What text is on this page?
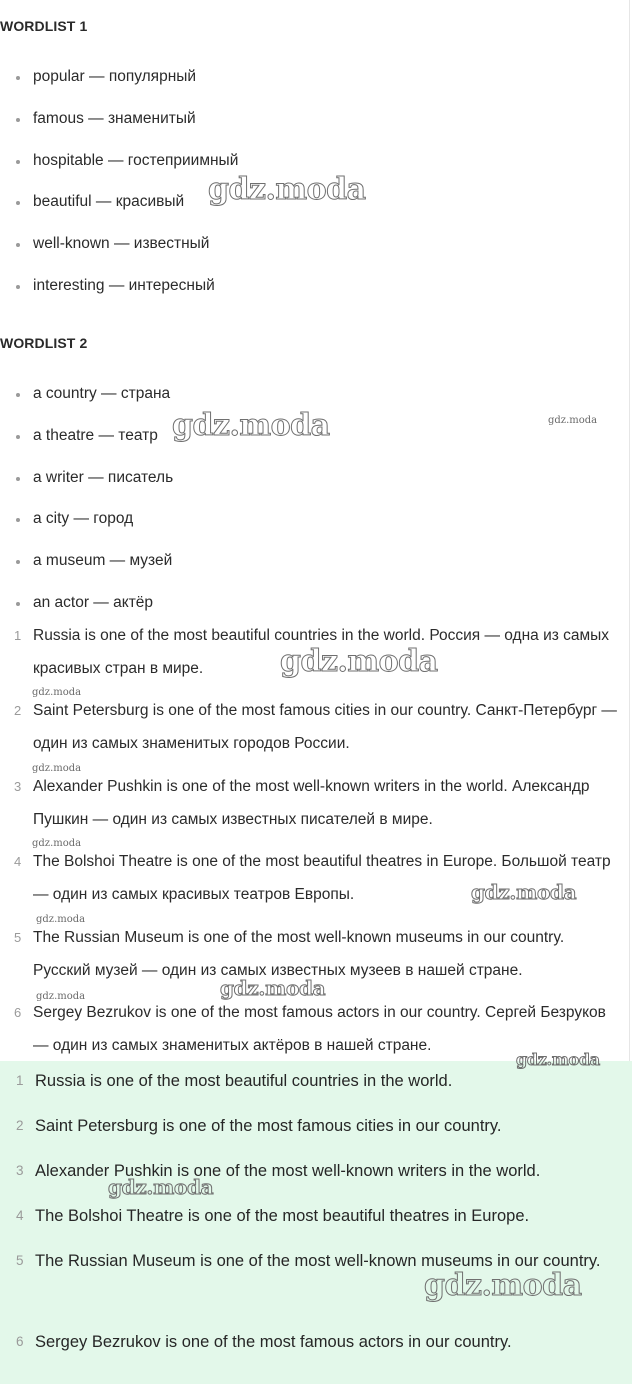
WORDLIST 1
popular — популярный
famous — знаменитый
hospitable — гостеприимный
beautiful — красивый
well-known — известный
interesting — интересный
WORDLIST 2
a country — страна
a theatre — театр
a writer — писатель
a city — город
a museum — музей
an actor — актёр
1 Russia is one of the most beautiful countries in the world. Россия — одна из самых красивых стран в мире.
2 Saint Petersburg is one of the most famous cities in our country. Санкт-Петербург — один из самых знаменитых городов России.
3 Alexander Pushkin is one of the most well-known writers in the world. Александр Пушкин — один из самых известных писателей в мире.
4 The Bolshoi Theatre is one of the most beautiful theatres in Europe. Большой театр — один из самых красивых театров Европы.
5 The Russian Museum is one of the most well-known museums in our country. Русский музей — один из самых известных музеев в нашей стране.
6 Sergey Bezrukov is one of the most famous actors in our country. Сергей Безруков — один из самых знаменитых актёров в нашей стране.
1 Russia is one of the most beautiful countries in the world.
2 Saint Petersburg is one of the most famous cities in our country.
3 Alexander Pushkin is one of the most well-known writers in the world.
4 The Bolshoi Theatre is one of the most beautiful theatres in Europe.
5 The Russian Museum is one of the most well-known museums in our country.
6 Sergey Bezrukov is one of the most famous actors in our country.
gdz.moda
gdz.moda	gdz.moda
gdz.moda
gdz.moda
gdz.moda
gdz.moda
gdz.moda
gdz.moda
gdz.moda
gdz.moda
gdz.moda
